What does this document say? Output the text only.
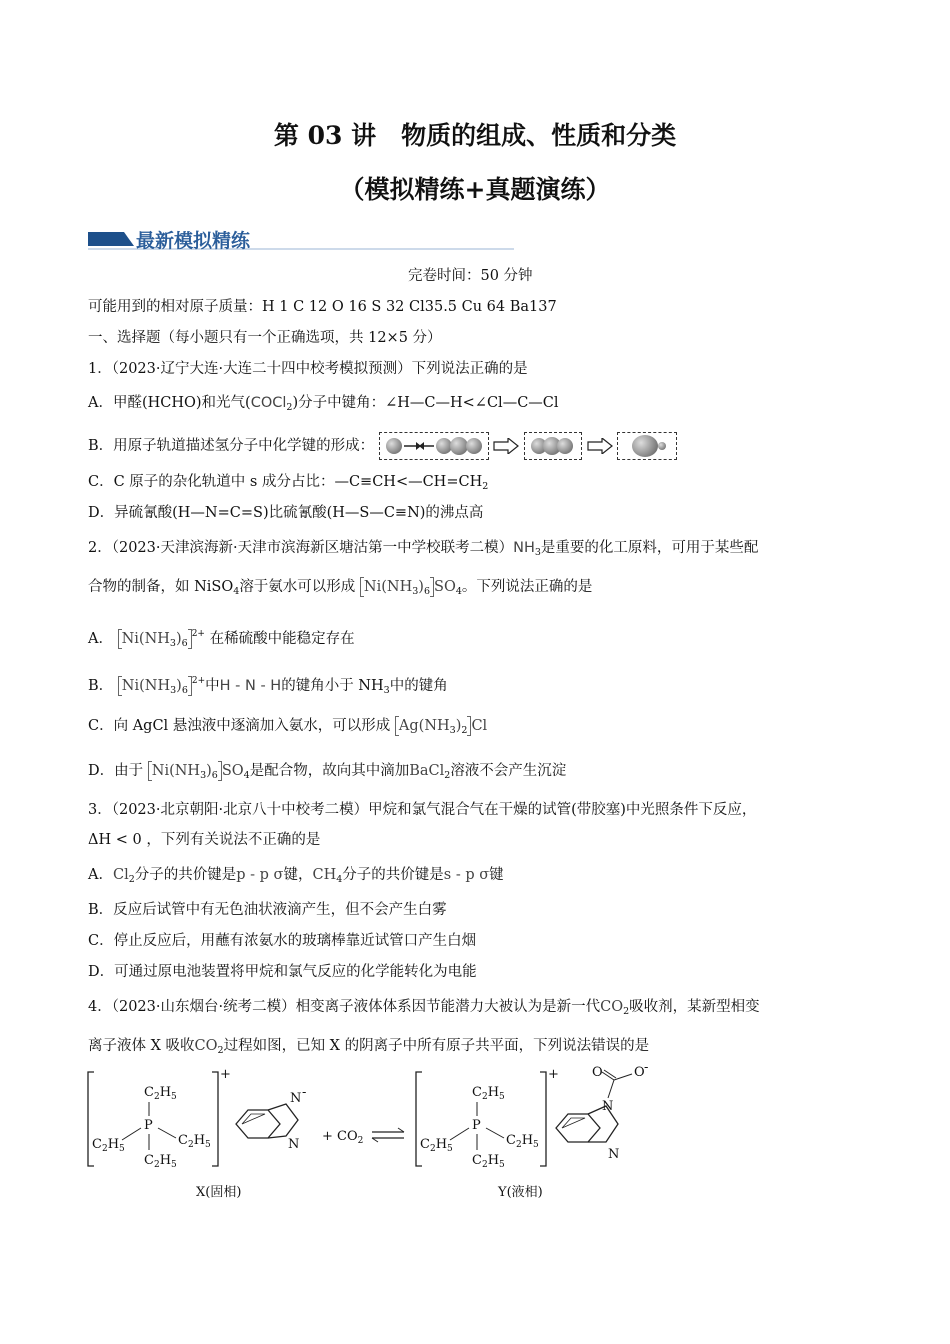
第 03 讲　物质的组成、性质和分类
（模拟精练+真题演练）
最新模拟精练
完卷时间：50 分钟
可能用到的相对原子质量：H 1 C 12 O 16 S 32 Cl35.5 Cu 64 Ba137
一、选择题（每小题只有一个正确选项，共 12×5 分）
1．（2023·辽宁大连·大连二十四中校考模拟预测）下列说法正确的是
A．甲醛(HCHO)和光气(COCl$_2$)分子中键角：∠H—C—H<∠Cl—C—Cl
B．用原子轨道描述氢分子中化学键的形成：

C．C 原子的杂化轨道中 s 成分占比：$—C\equiv CH<—CH=CH_2$
D．异硫氰酸(H—N=C=S)比硫氰酸(H—S—C≡N)的沸点高
2．（2023·天津滨海新·天津市滨海新区塘沽第一中学校联考二模）$NH_3$是重要的化工原料，可用于某些配
合物的制备，如 NiSO$_4$溶于氨水可以形成 $Ni(NH_3)_6$ $SO_4$。下列说法正确的是
A． $Ni(NH_3)_6^{2+}$ 在稀硫酸中能稳定存在
B． $Ni(NH_3)_6^{2+}$中H - N - H的键角小于 $NH_3$中的键角
C．向 AgCl 悬浊液中逐滴加入氨水，可以形成 $Ag(NH_3)_2$ Cl
D．由于 $Ni(NH_3)_6$ $SO_4$是配合物，故向其中滴加BaCl$_2$溶液不会产生沉淀
3．（2023·北京朝阳·北京八十中校考二模）甲烷和氯气混合气在干燥的试管(带胶塞)中光照条件下反应，
ΔH < 0 ，下列有关说法不正确的是
A．$Cl_2$分子的共价键是p - p σ键，$CH_4$分子的共价键是s - p σ键
B．反应后试管中有无色油状液滴产生，但不会产生白雾
C．停止反应后，用蘸有浓氨水的玻璃棒靠近试管口产生白烟
D．可通过原电池装置将甲烷和氯气反应的化学能转化为电能
4．（2023·山东烟台·统考二模）相变离子液体体系因节能潜力大被认为是新一代$CO_2$吸收剂，某新型相变
离子液体 X 吸收$CO_2$过程如图，已知 X 的阴离子中所有原子共平面，下列说法错误的是
+
$C_2H_5$
P
$C_2H_5$
$C_2H_5$
$C_2H_5$
N -
N
+ $CO_2$
+
$C_2H_5$
P
$C_2H_5$
$C_2H_5$
$C_2H_5$
N
N
O O -
X(固相)	Y(液相)
